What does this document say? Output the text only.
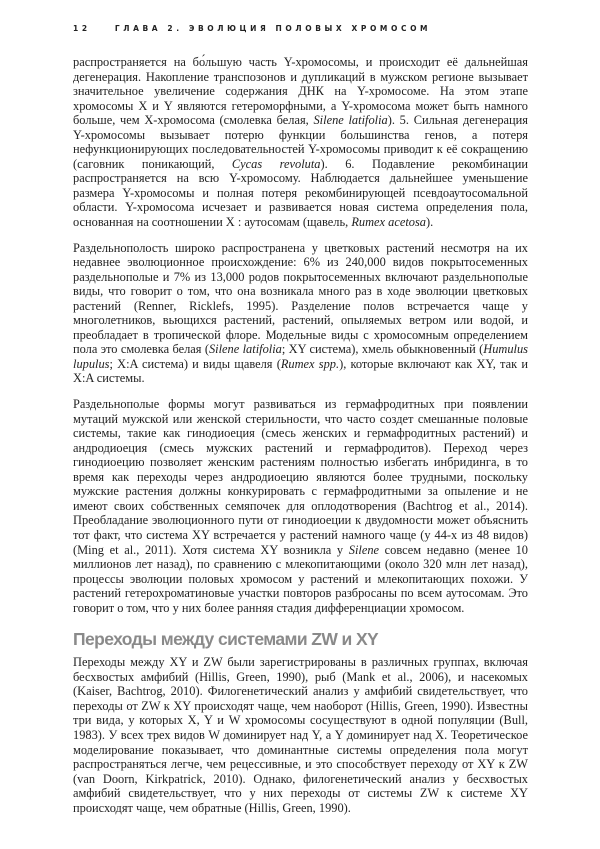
12	ГЛАВА 2. ЭВОЛЮЦИЯ ПОЛОВЫХ ХРОМОСОМ

распространяется на бо́льшую часть Y-хромосомы, и происходит её дальнейшая дегенерация. Накопление транспозонов и дупликаций в мужском регионе вызывает значительное увеличение содержания ДНК на Y-хромосоме. На этом этапе хромосомы X и Y являются гетероморфными, а Y-хромосома может быть намного больше, чем X-хромосома (смолевка белая, Silene latifolia). 5. Сильная дегенерация Y-хромосомы вызывает потерю функции большинства генов, а потеря нефункционирующих последовательностей Y-хромосомы приводит к её сокращению (саговник поникающий, Cycas revoluta). 6. Подавление рекомбинации распространяется на всю Y-хромосому. Наблюдается дальнейшее уменьшение размера Y-хромосомы и полная потеря рекомбинирующей псевдоаутосомальной области. Y-хромосома исчезает и развивается новая система определения пола, основанная на соотношении X : аутосомам (щавель, Rumex acetosa).

Раздельнополость широко распространена у цветковых растений несмотря на их недавнее эволюционное происхождение: 6% из 240,000 видов покрытосеменных раздельнополые и 7% из 13,000 родов покрытосеменных включают раздельнополые виды, что говорит о том, что она возникала много раз в ходе эволюции цветковых растений (Renner, Ricklefs, 1995). Разделение полов встречается чаще у многолетников, вьющихся растений, растений, опыляемых ветром или водой, и преобладает в тропической флоре. Модельные виды с хромосомным определением пола это смолевка белая (Silene latifolia; XY система), хмель обыкновенный (Humulus lupulus; X:A система) и виды щавеля (Rumex spp.), которые включают как XY, так и X:A системы.

Раздельнополые формы могут развиваться из гермафродитных при появлении мутаций мужской или женской стерильности, что часто создет смешанные половые системы, такие как гинодиоеция (смесь женских и гермафродитных растений) и андродиоеция (смесь мужских растений и гермафродитов). Переход через гинодиоецию позволяет женским растениям полностью избегать инбридинга, в то время как переходы через андродиоецию являются более трудными, поскольку мужские растения должны конкурировать с гермафродитными за опыление и не имеют своих собственных семяпочек для оплодотворения (Bachtrog et al., 2014). Преобладание эволюционного пути от гинодиоеции к двудомности может объяснить тот факт, что система XY встречается у растений намного чаще (у 44-х из 48 видов) (Ming et al., 2011). Хотя система XY возникла у Silene совсем недавно (менее 10 миллионов лет назад), по сравнению с млекопитающими (около 320 млн лет назад), процессы эволюции половых хромосом у растений и млекопитающих похожи. У растений гетерохроматиновые участки повторов разбросаны по всем аутосомам. Это говорит о том, что у них более ранняя стадия дифференциации хромосом.

Переходы между системами ZW и XY

Переходы между XY и ZW были зарегистрированы в различных группах, включая бесхвостых амфибий (Hillis, Green, 1990), рыб (Mank et al., 2006), и насекомых (Kaiser, Bachtrog, 2010). Филогенетический анализ у амфибий свидетельствует, что переходы от ZW к XY происходят чаще, чем наоборот (Hillis, Green, 1990). Известны три вида, у которых X, Y и W хромосомы сосуществуют в одной популяции (Bull, 1983). У всех трех видов W доминирует над Y, а Y доминирует над X. Теоретическое моделирование показывает, что доминантные системы определения пола могут распространяться легче, чем рецессивные, и это способствует переходу от XY к ZW (van Doorn, Kirkpatrick, 2010). Однако, филогенетический анализ у бесхвостых амфибий свидетельствует, что у них переходы от системы ZW к системе XY происходят чаще, чем обратные (Hillis, Green, 1990).
